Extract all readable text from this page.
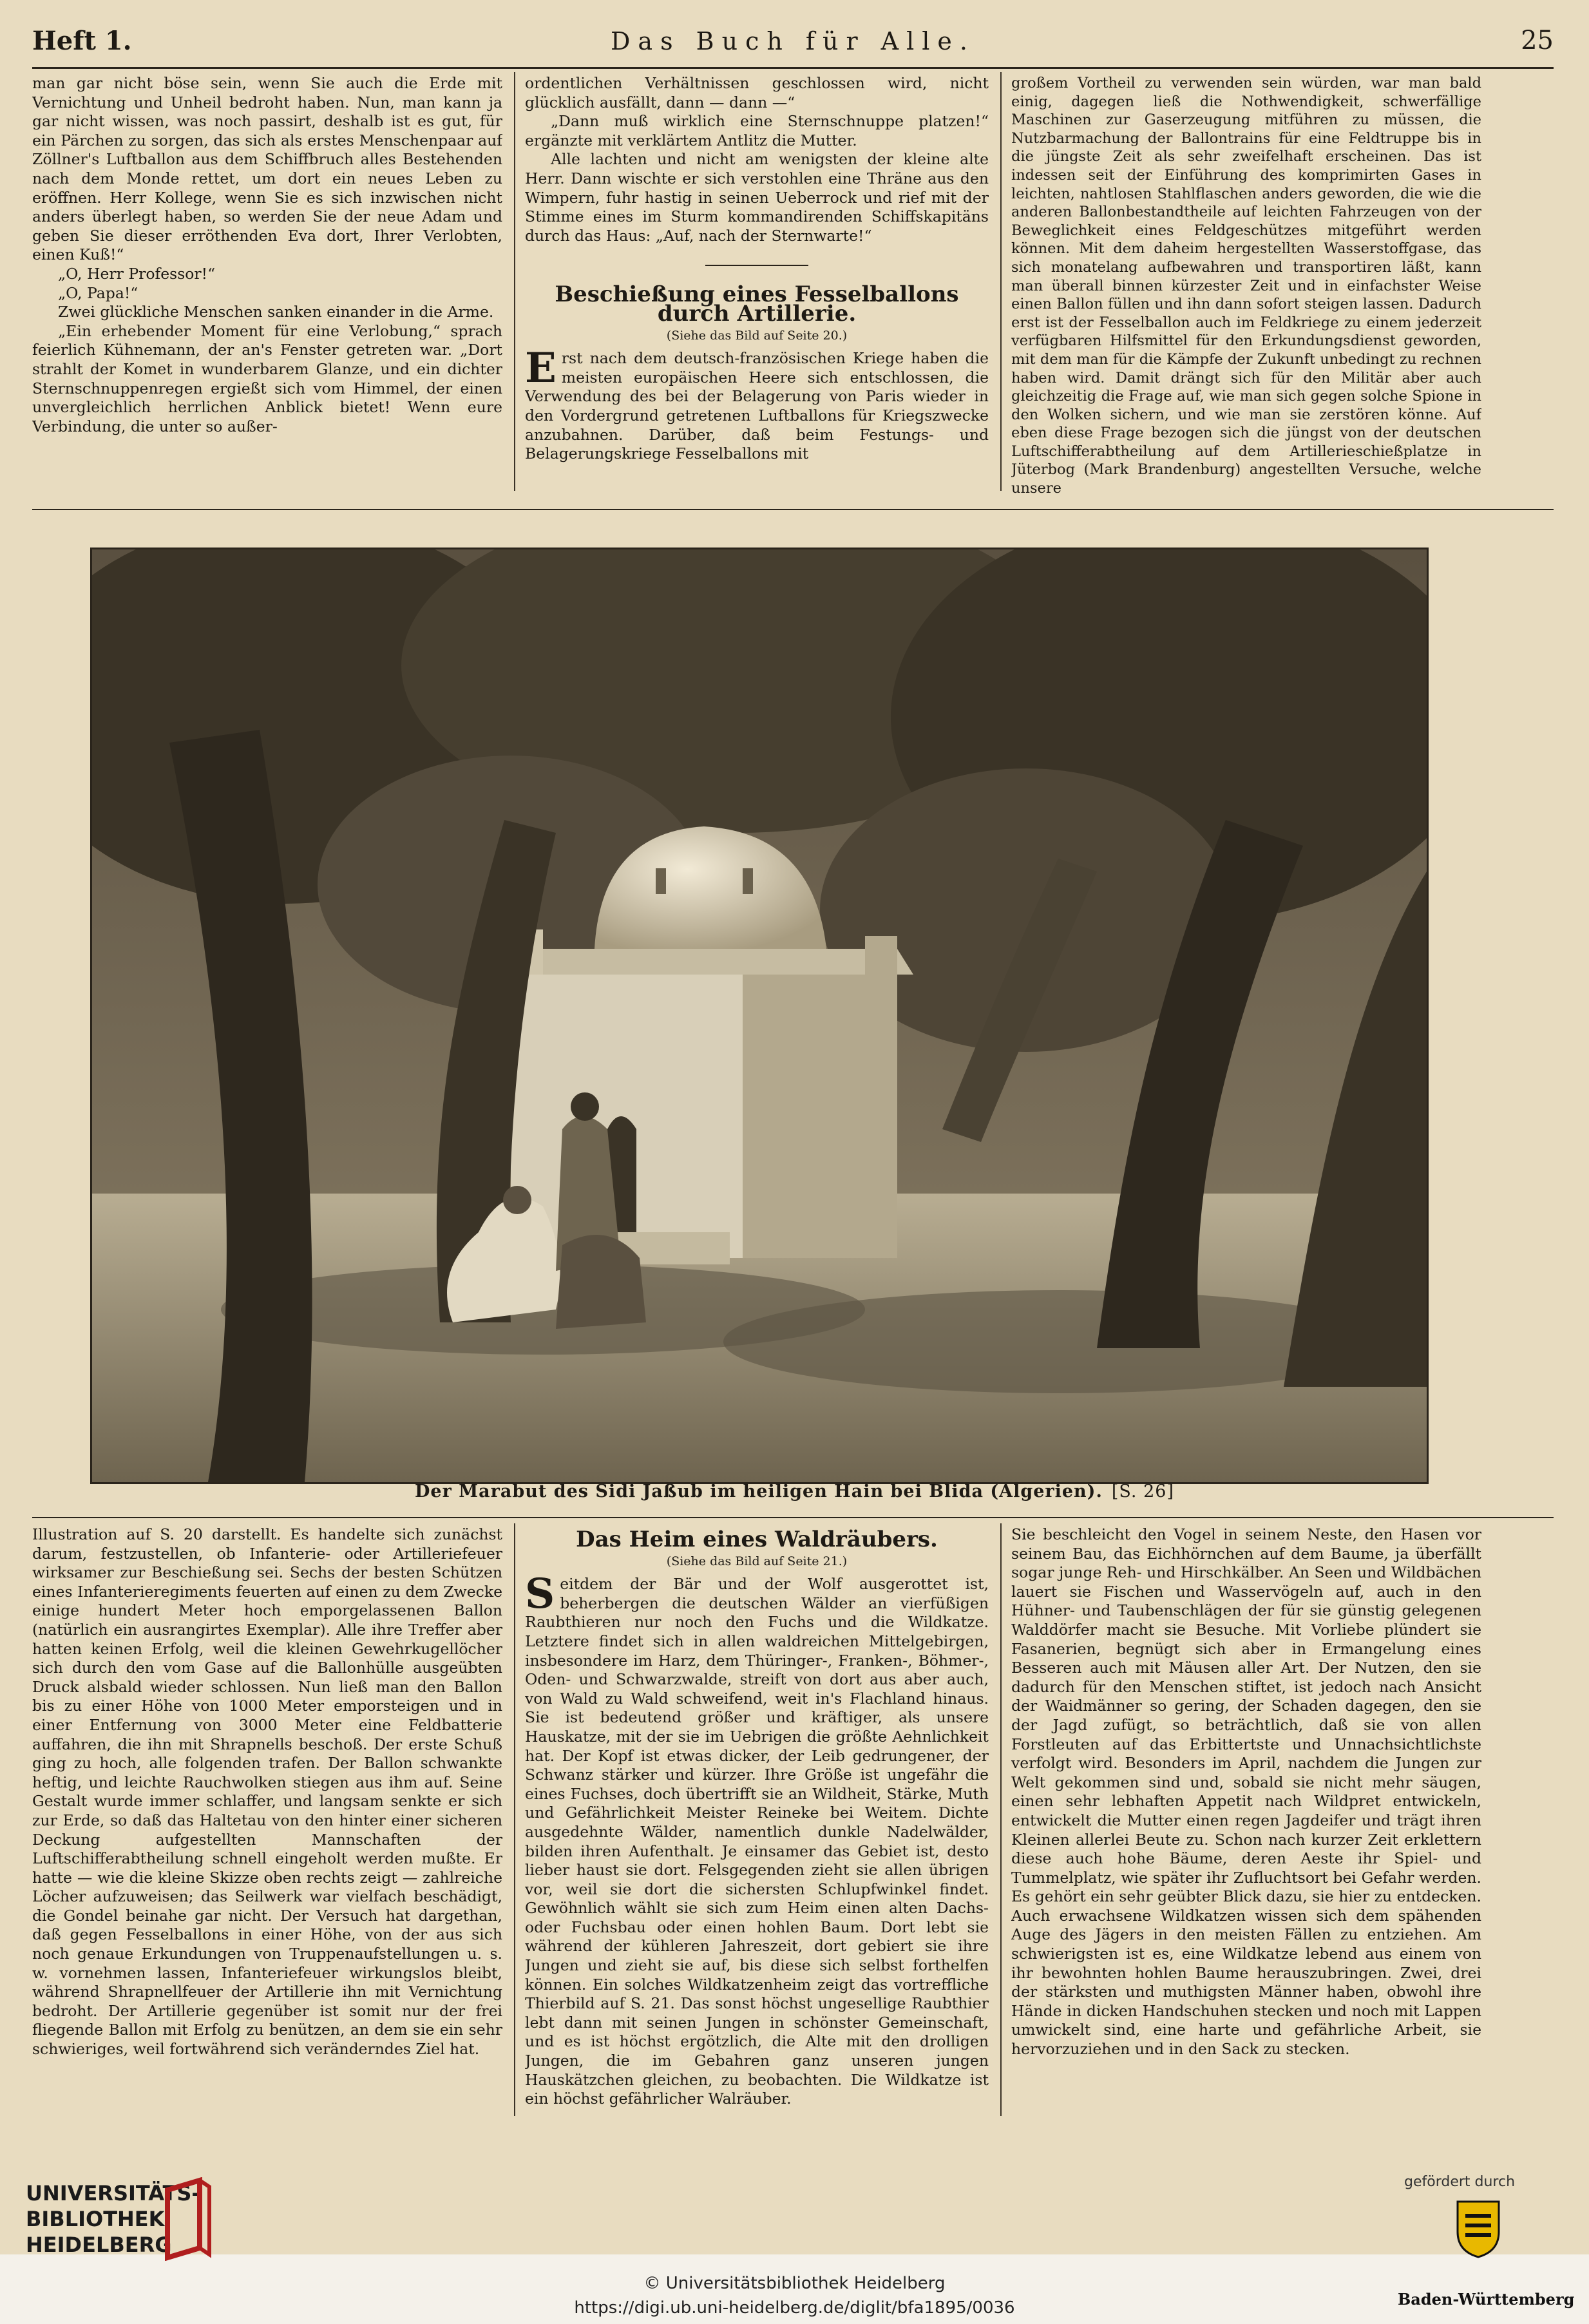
Heft 1.	Das Buch für Alle.	25

man gar nicht böse sein, wenn Sie auch die Erde mit Vernichtung und Unheil bedroht haben. Nun, man kann ja gar nicht wissen, was noch passirt, deshalb ist es gut, für ein Pärchen zu sorgen, das sich als erstes Menschenpaar auf Zöllner's Luftballon aus dem Schiffbruch alles Bestehenden nach dem Monde rettet, um dort ein neues Leben zu eröffnen. Herr Kollege, wenn Sie es sich inzwischen nicht anders überlegt haben, so werden Sie der neue Adam und geben Sie dieser erröthenden Eva dort, Ihrer Verlobten, einen Kuß!“

„O, Herr Professor!“

„O, Papa!“

Zwei glückliche Menschen sanken einander in die Arme.

„Ein erhebender Moment für eine Verlobung,“ sprach feierlich Kühnemann, der an's Fenster getreten war. „Dort strahlt der Komet in wunderbarem Glanze, und ein dichter Sternschnuppenregen ergießt sich vom Himmel, der einen unvergleichlich herrlichen Anblick bietet! Wenn eure Verbindung, die unter so außer-

ordentlichen Verhältnissen geschlossen wird, nicht glücklich ausfällt, dann — dann —“

„Dann muß wirklich eine Sternschnuppe platzen!“ ergänzte mit verklärtem Antlitz die Mutter.

Alle lachten und nicht am wenigsten der kleine alte Herr. Dann wischte er sich verstohlen eine Thräne aus den Wimpern, fuhr hastig in seinen Ueberrock und rief mit der Stimme eines im Sturm kommandirenden Schiffskapitäns durch das Haus: „Auf, nach der Sternwarte!“

Beschießung eines Fesselballons durch Artillerie.
(Siehe das Bild auf Seite 20.)

Erst nach dem deutsch-französischen Kriege haben die meisten europäischen Heere sich entschlossen, die Verwendung des bei der Belagerung von Paris wieder in den Vordergrund getretenen Luftballons für Kriegszwecke anzubahnen. Darüber, daß beim Festungs- und Belagerungskriege Fesselballons mit

großem Vortheil zu verwenden sein würden, war man bald einig, dagegen ließ die Nothwendigkeit, schwerfällige Maschinen zur Gaserzeugung mitführen zu müssen, die Nutzbarmachung der Ballontrains für eine Feldtruppe bis in die jüngste Zeit als sehr zweifelhaft erscheinen. Das ist indessen seit der Einführung des komprimirten Gases in leichten, nahtlosen Stahlflaschen anders geworden, die wie die anderen Ballonbestandtheile auf leichten Fahrzeugen von der Beweglichkeit eines Feldgeschützes mitgeführt werden können. Mit dem daheim hergestellten Wasserstoffgase, das sich monatelang aufbewahren und transportiren läßt, kann man überall binnen kürzester Zeit und in einfachster Weise einen Ballon füllen und ihn dann sofort steigen lassen. Dadurch erst ist der Fesselballon auch im Feldkriege zu einem jederzeit verfügbaren Hilfsmittel für den Erkundungsdienst geworden, mit dem man für die Kämpfe der Zukunft unbedingt zu rechnen haben wird. Damit drängt sich für den Militär aber auch gleichzeitig die Frage auf, wie man sich gegen solche Spione in den Wolken sichern, und wie man sie zerstören könne. Auf eben diese Frage bezogen sich die jüngst von der deutschen Luftschifferabtheilung auf dem Artillerieschießplatze in Jüterbog (Mark Brandenburg) angestellten Versuche, welche unsere

Der Marabut des Sidi Jaßub im heiligen Hain bei Blida (Algerien). [S. 26]

Illustration auf S. 20 darstellt. Es handelte sich zunächst darum, festzustellen, ob Infanterie- oder Artilleriefeuer wirksamer zur Beschießung sei. Sechs der besten Schützen eines Infanterieregiments feuerten auf einen zu dem Zwecke einige hundert Meter hoch emporgelassenen Ballon (natürlich ein ausrangirtes Exemplar). Alle ihre Treffer aber hatten keinen Erfolg, weil die kleinen Gewehrkugellöcher sich durch den vom Gase auf die Ballonhülle ausgeübten Druck alsbald wieder schlossen. Nun ließ man den Ballon bis zu einer Höhe von 1000 Meter emporsteigen und in einer Entfernung von 3000 Meter eine Feldbatterie auffahren, die ihn mit Shrapnells beschoß. Der erste Schuß ging zu hoch, alle folgenden trafen. Der Ballon schwankte heftig, und leichte Rauchwolken stiegen aus ihm auf. Seine Gestalt wurde immer schlaffer, und langsam senkte er sich zur Erde, so daß das Haltetau von den hinter einer sicheren Deckung aufgestellten Mannschaften der Luftschifferabtheilung schnell eingeholt werden mußte. Er hatte — wie die kleine Skizze oben rechts zeigt — zahlreiche Löcher aufzuweisen; das Seilwerk war vielfach beschädigt, die Gondel beinahe gar nicht. Der Versuch hat dargethan, daß gegen Fesselballons in einer Höhe, von der aus sich noch genaue Erkundungen von Truppenaufstellungen u. s. w. vornehmen lassen, Infanteriefeuer wirkungslos bleibt, während Shrapnellfeuer der Artillerie ihn mit Vernichtung bedroht. Der Artillerie gegenüber ist somit nur der frei fliegende Ballon mit Erfolg zu benützen, an dem sie ein sehr schwieriges, weil fortwährend sich veränderndes Ziel hat.

Das Heim eines Waldräubers.
(Siehe das Bild auf Seite 21.)

Seitdem der Bär und der Wolf ausgerottet ist, beherbergen die deutschen Wälder an vierfüßigen Raubthieren nur noch den Fuchs und die Wildkatze. Letztere findet sich in allen waldreichen Mittelgebirgen, insbesondere im Harz, dem Thüringer-, Franken-, Böhmer-, Oden- und Schwarzwalde, streift von dort aus aber auch, von Wald zu Wald schweifend, weit in's Flachland hinaus. Sie ist bedeutend größer und kräftiger, als unsere Hauskatze, mit der sie im Uebrigen die größte Aehnlichkeit hat. Der Kopf ist etwas dicker, der Leib gedrungener, der Schwanz stärker und kürzer. Ihre Größe ist ungefähr die eines Fuchses, doch übertrifft sie an Wildheit, Stärke, Muth und Gefährlichkeit Meister Reineke bei Weitem. Dichte ausgedehnte Wälder, namentlich dunkle Nadelwälder, bilden ihren Aufenthalt. Je einsamer das Gebiet ist, desto lieber haust sie dort. Felsgegenden zieht sie allen übrigen vor, weil sie dort die sichersten Schlupfwinkel findet. Gewöhnlich wählt sie sich zum Heim einen alten Dachs- oder Fuchsbau oder einen hohlen Baum. Dort lebt sie während der kühleren Jahreszeit, dort gebiert sie ihre Jungen und zieht sie auf, bis diese sich selbst forthelfen können. Ein solches Wildkatzenheim zeigt das vortreffliche Thierbild auf S. 21. Das sonst höchst ungesellige Raubthier lebt dann mit seinen Jungen in schönster Gemeinschaft, und es ist höchst ergötzlich, die Alte mit den drolligen Jungen, die im Gebahren ganz unseren jungen Hauskätzchen gleichen, zu beobachten. Die Wildkatze ist ein höchst gefährlicher Walräuber.

Sie beschleicht den Vogel in seinem Neste, den Hasen vor seinem Bau, das Eichhörnchen auf dem Baume, ja überfällt sogar junge Reh- und Hirschkälber. An Seen und Wildbächen lauert sie Fischen und Wasservögeln auf, auch in den Hühner- und Taubenschlägen der für sie günstig gelegenen Walddörfer macht sie Besuche. Mit Vorliebe plündert sie Fasanerien, begnügt sich aber in Ermangelung eines Besseren auch mit Mäusen aller Art. Der Nutzen, den sie dadurch für den Menschen stiftet, ist jedoch nach Ansicht der Waidmänner so gering, der Schaden dagegen, den sie der Jagd zufügt, so beträchtlich, daß sie von allen Forstleuten auf das Erbittertste und Unnachsichtlichste verfolgt wird. Besonders im April, nachdem die Jungen zur Welt gekommen sind und, sobald sie nicht mehr säugen, einen sehr lebhaften Appetit nach Wildpret entwickeln, entwickelt die Mutter einen regen Jagdeifer und trägt ihren Kleinen allerlei Beute zu. Schon nach kurzer Zeit erklettern diese auch hohe Bäume, deren Aeste ihr Spiel- und Tummelplatz, wie später ihr Zufluchtsort bei Gefahr werden. Es gehört ein sehr geübter Blick dazu, sie hier zu entdecken. Auch erwachsene Wildkatzen wissen sich dem spähenden Auge des Jägers in den meisten Fällen zu entziehen. Am schwierigsten ist es, eine Wildkatze lebend aus einem von ihr bewohnten hohlen Baume herauszubringen. Zwei, drei der stärksten und muthigsten Männer haben, obwohl ihre Hände in dicken Handschuhen stecken und noch mit Lappen umwickelt sind, eine harte und gefährliche Arbeit, sie hervorzuziehen und in den Sack zu stecken.

UNIVERSITÄTS-
BIBLIOTHEK
HEIDELBERG
© Universitätsbibliothek Heidelberg
https://digi.ub.uni-heidelberg.de/diglit/bfa1895/0036
gefördert durch
Baden-Württemberg
